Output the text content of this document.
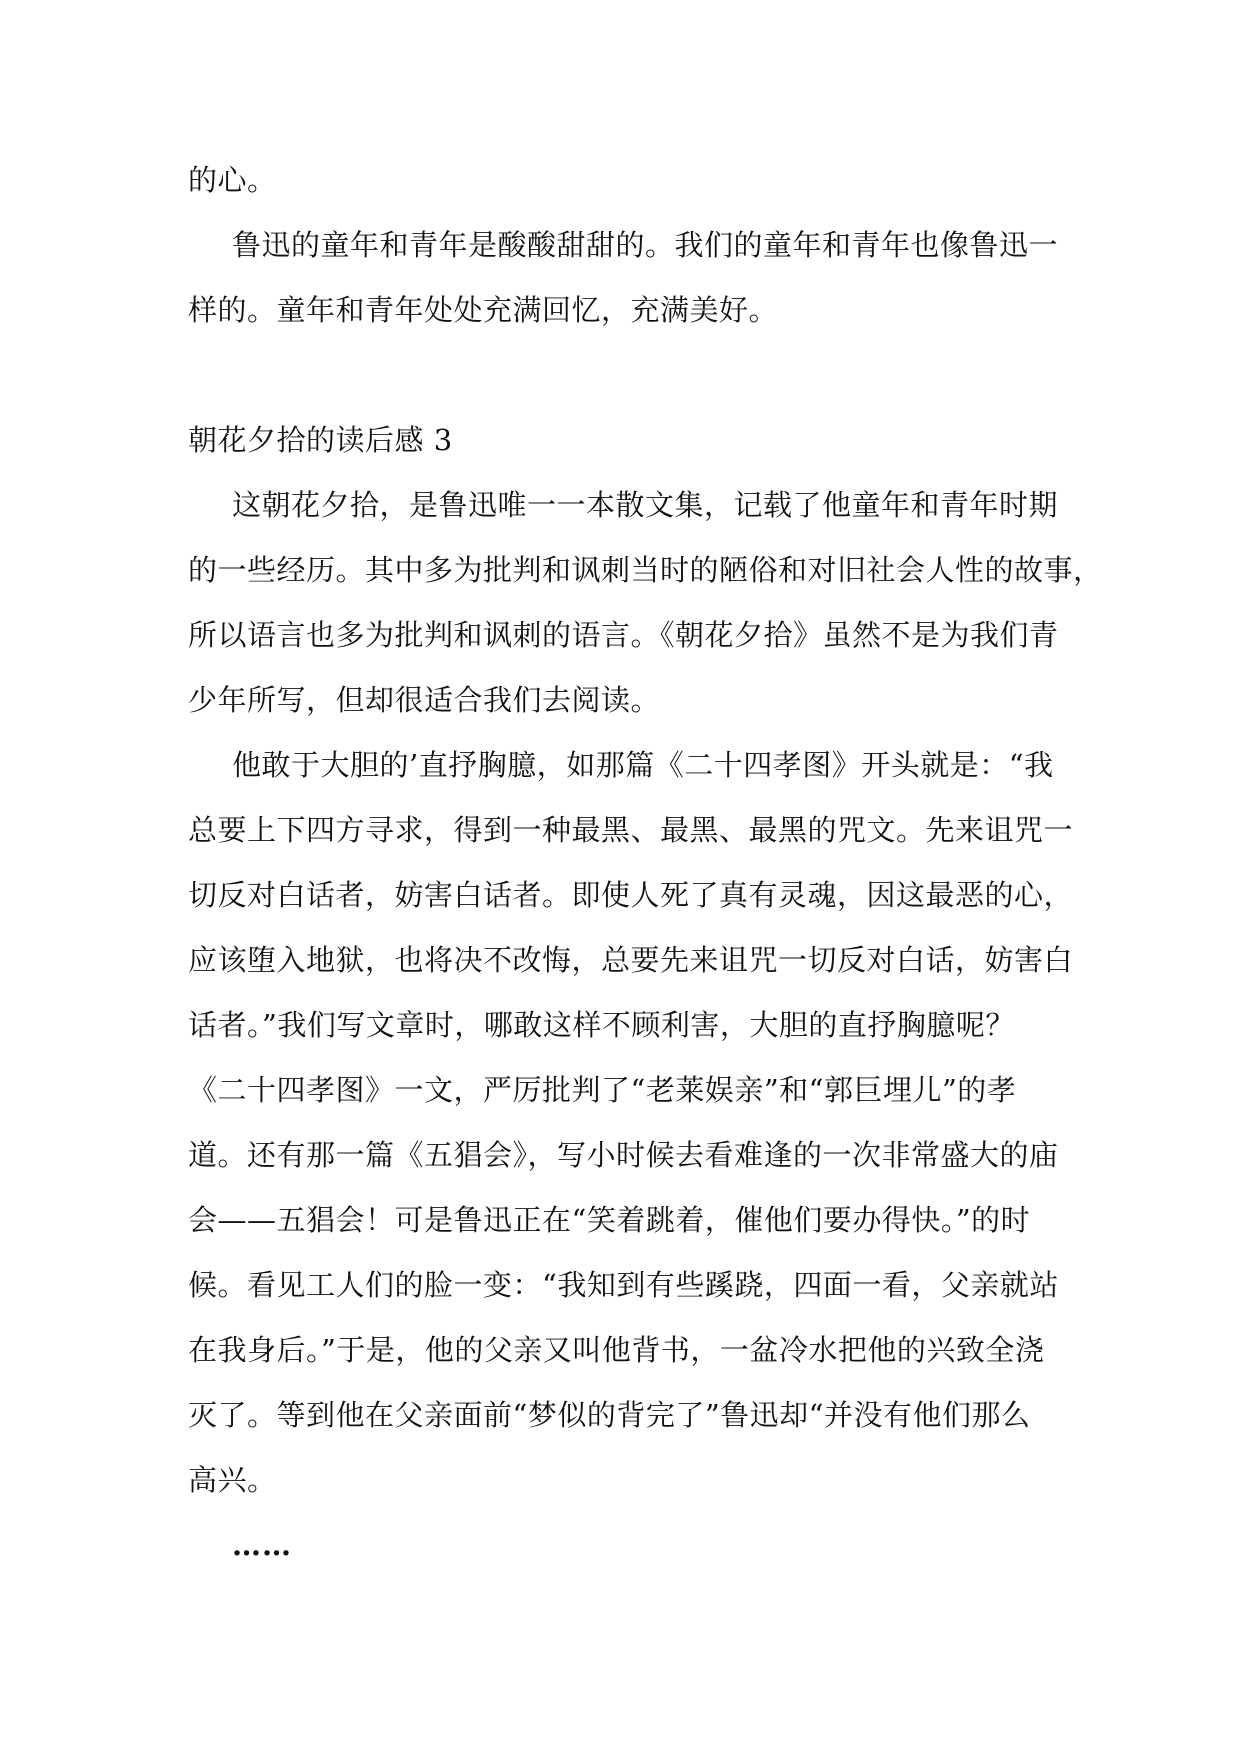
的心。
鲁迅的童年和青年是酸酸甜甜的。我们的童年和青年也像鲁迅一
样的。童年和青年处处充满回忆，充满美好。
朝花夕拾的读后感 3
这朝花夕拾，是鲁迅唯一一本散文集，记载了他童年和青年时期
的一些经历。其中多为批判和讽刺当时的陋俗和对旧社会人性的故事，
所以语言也多为批判和讽刺的语言。《朝花夕拾》虽然不是为我们青
少年所写，但却很适合我们去阅读。
他敢于大胆的’直抒胸臆，如那篇《二十四孝图》开头就是：“我
总要上下四方寻求，得到一种最黑、最黑、最黑的咒文。先来诅咒一
切反对白话者，妨害白话者。即使人死了真有灵魂，因这最恶的心，
应该堕入地狱，也将决不改悔，总要先来诅咒一切反对白话，妨害白
话者。”我们写文章时，哪敢这样不顾利害，大胆的直抒胸臆呢？
《二十四孝图》一文，严厉批判了“老莱娱亲”和“郭巨埋儿”的孝
道。还有那一篇《五猖会》，写小时候去看难逢的一次非常盛大的庙
会——五猖会！可是鲁迅正在“笑着跳着，催他们要办得快。”的时
候。看见工人们的脸一变：“我知到有些蹊跷，四面一看，父亲就站
在我身后。”于是，他的父亲又叫他背书，一盆冷水把他的兴致全浇
灭了。等到他在父亲面前“梦似的背完了”鲁迅却“并没有他们那么
高兴。
……
